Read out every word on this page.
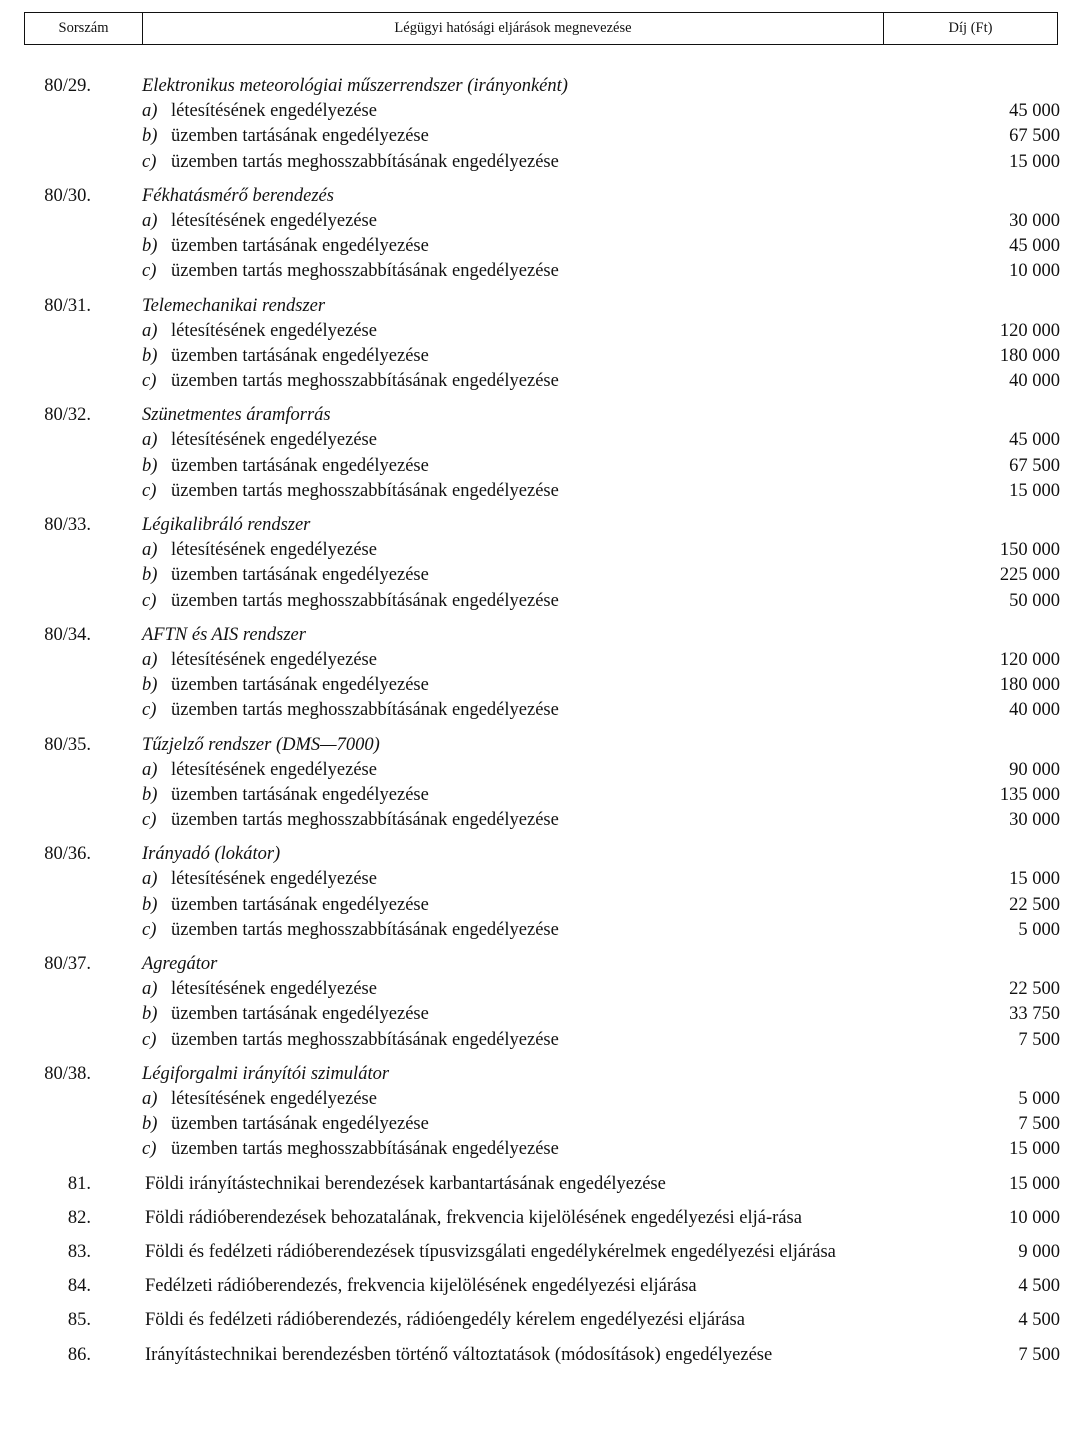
Sorszám	Légügyi hatósági eljárások megnevezése	Díj (Ft)
80/29.	Elektronikus meteorológiai műszerrendszer (irányonként)
a) létesítésének engedélyezése	45 000
b) üzemben tartásának engedélyezése	67 500
c) üzemben tartás meghosszabbításának engedélyezése	15 000
80/30.	Fékhatásmérő berendezés
a) létesítésének engedélyezése	30 000
b) üzemben tartásának engedélyezése	45 000
c) üzemben tartás meghosszabbításának engedélyezése	10 000
80/31.	Telemechanikai rendszer
a) létesítésének engedélyezése	120 000
b) üzemben tartásának engedélyezése	180 000
c) üzemben tartás meghosszabbításának engedélyezése	40 000
80/32.	Szünetmentes áramforrás
a) létesítésének engedélyezése	45 000
b) üzemben tartásának engedélyezése	67 500
c) üzemben tartás meghosszabbításának engedélyezése	15 000
80/33.	Légikalibráló rendszer
a) létesítésének engedélyezése	150 000
b) üzemben tartásának engedélyezése	225 000
c) üzemben tartás meghosszabbításának engedélyezése	50 000
80/34.	AFTN és AIS rendszer
a) létesítésének engedélyezése	120 000
b) üzemben tartásának engedélyezése	180 000
c) üzemben tartás meghosszabbításának engedélyezése	40 000
80/35.	Tűzjelző rendszer (DMS—7000)
a) létesítésének engedélyezése	90 000
b) üzemben tartásának engedélyezése	135 000
c) üzemben tartás meghosszabbításának engedélyezése	30 000
80/36.	Irányadó (lokátor)
a) létesítésének engedélyezése	15 000
b) üzemben tartásának engedélyezése	22 500
c) üzemben tartás meghosszabbításának engedélyezése	5 000
80/37.	Agregátor
a) létesítésének engedélyezése	22 500
b) üzemben tartásának engedélyezése	33 750
c) üzemben tartás meghosszabbításának engedélyezése	7 500
80/38.	Légiforgalmi irányítói szimulátor
a) létesítésének engedélyezése	5 000
b) üzemben tartásának engedélyezése	7 500
c) üzemben tartás meghosszabbításának engedélyezése	15 000
81.	Földi irányítástechnikai berendezések karbantartásának engedélyezése	15 000
82.	Földi rádióberendezések behozatalának, frekvencia kijelölésének engedélyezési eljá-rása	10 000
83.	Földi és fedélzeti rádióberendezések típusvizsgálati engedélykérelmek engedélyezési eljárása	9 000
84.	Fedélzeti rádióberendezés, frekvencia kijelölésének engedélyezési eljárása	4 500
85.	Földi és fedélzeti rádióberendezés, rádióengedély kérelem engedélyezési eljárása	4 500
86.	Irányítástechnikai berendezésben történő változtatások (módosítások) engedélyezése	7 500
